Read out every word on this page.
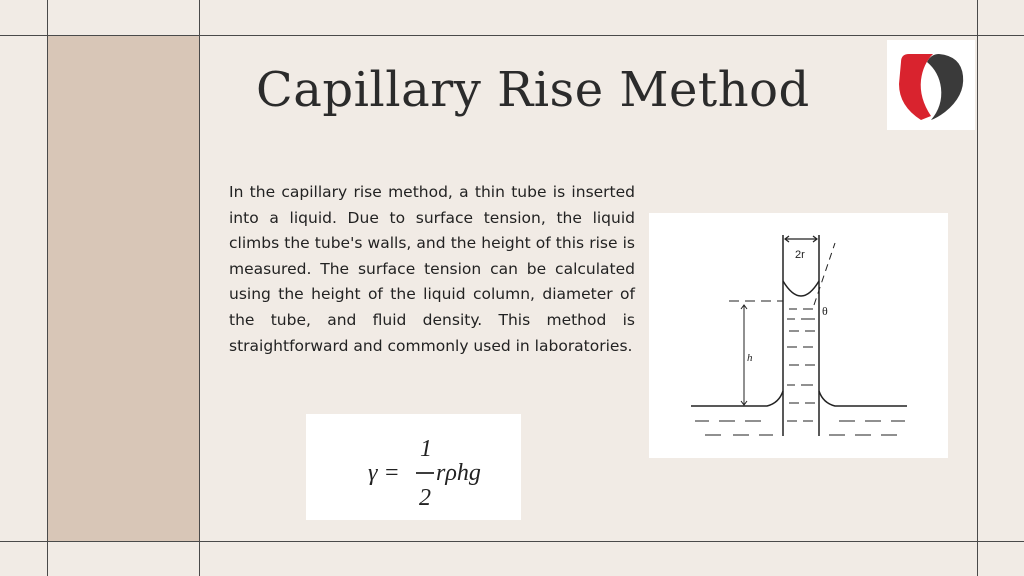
Capillary Rise Method

In the capillary rise method, a thin tube is inserted into a liquid. Due to surface tension, the liquid climbs the tube's walls, and the height of this rise is measured. The surface tension can be calculated using the height of the liquid column, diameter of the tube, and fluid density. This method is straightforward and commonly used in laboratories.

2r
θ
h
γ =
1
2
rρhg
